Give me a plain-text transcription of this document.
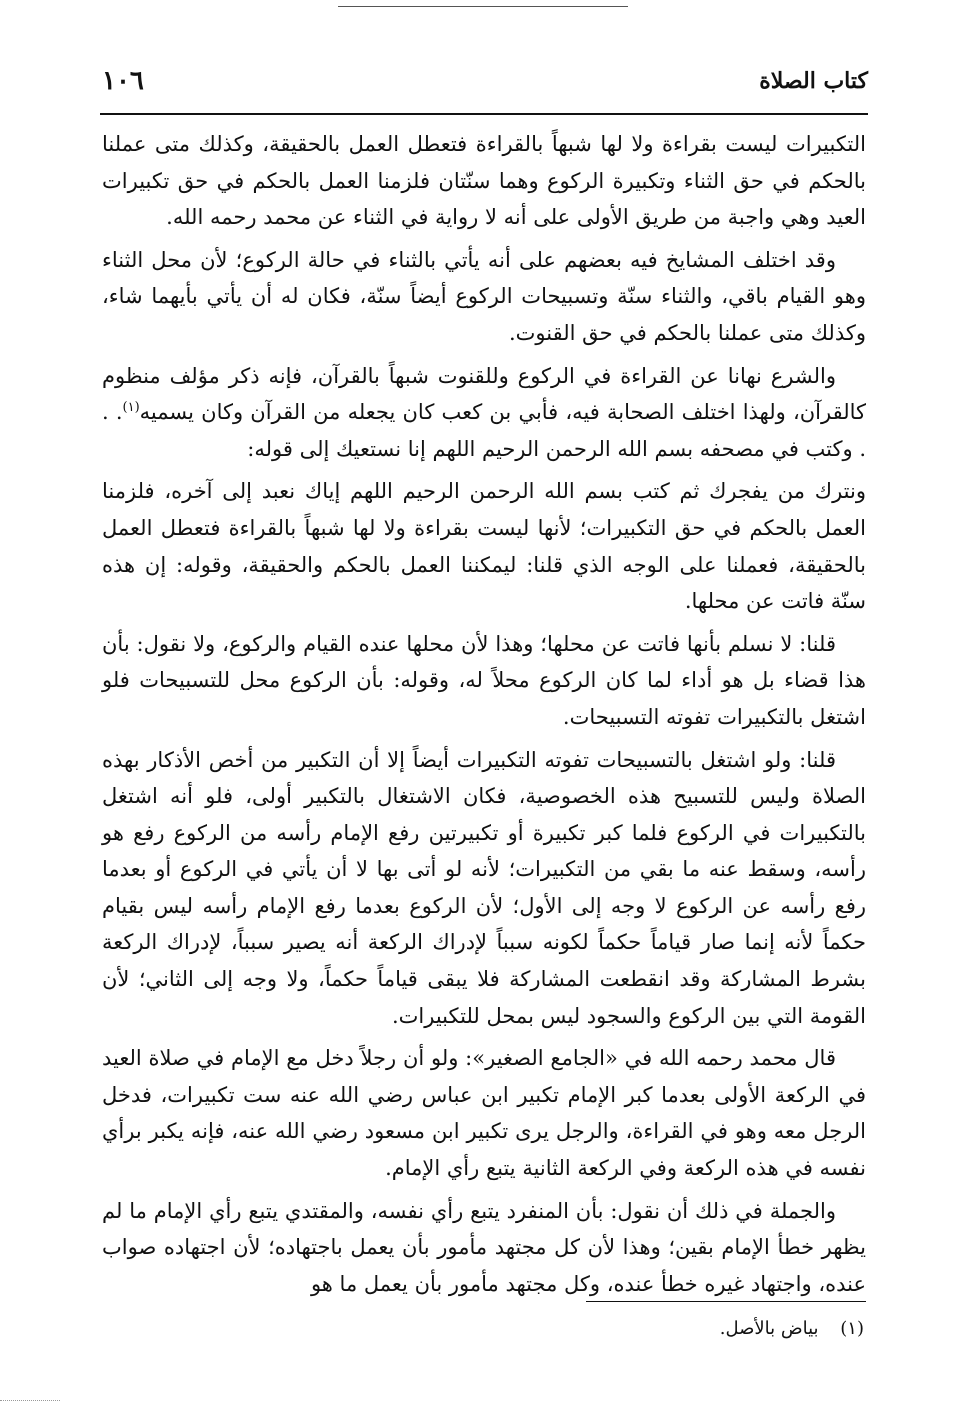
١٠٦	كتاب الصلاة

التكبيرات ليست بقراءة ولا لها شبهاً بالقراءة فتعطل العمل بالحقيقة، وكذلك متى عملنا بالحكم في حق الثناء وتكبيرة الركوع وهما سنّتان فلزمنا العمل بالحكم في حق تكبيرات العيد وهي واجبة من طريق الأولى على أنه لا رواية في الثناء عن محمد رحمه الله.

وقد اختلف المشايخ فيه بعضهم على أنه يأتي بالثناء في حالة الركوع؛ لأن محل الثناء وهو القيام باقي، والثناء سنّة وتسبيحات الركوع أيضاً سنّة، فكان له أن يأتي بأيهما شاء، وكذلك متى عملنا بالحكم في حق القنوت.

والشرع نهانا عن القراءة في الركوع وللقنوت شبهاً بالقرآن، فإنه ذكر مؤلف منظوم كالقرآن، ولهذا اختلف الصحابة فيه، فأبي بن كعب كان يجعله من القرآن وكان يسميه$^{(١)}$. . . وكتب في مصحفه بسم الله الرحمن الرحيم اللهم إنا نستعيك إلى قوله:

ونترك من يفجرك ثم كتب بسم الله الرحمن الرحيم اللهم إياك نعبد إلى آخره، فلزمنا العمل بالحكم في حق التكبيرات؛ لأنها ليست بقراءة ولا لها شبهاً بالقراءة فتعطل العمل بالحقيقة، فعملنا على الوجه الذي قلنا: ليمكننا العمل بالحكم والحقيقة، وقوله: إن هذه سنّة فاتت عن محلها.

قلنا: لا نسلم بأنها فاتت عن محلها؛ وهذا لأن محلها عنده القيام والركوع، ولا نقول: بأن هذا قضاء بل هو أداء لما كان الركوع محلاً له، وقوله: بأن الركوع محل للتسبيحات فلو اشتغل بالتكبيرات تفوته التسبيحات.

قلنا: ولو اشتغل بالتسبيحات تفوته التكبيرات أيضاً إلا أن التكبير من أخص الأذكار بهذه الصلاة وليس للتسبيح هذه الخصوصية، فكان الاشتغال بالتكبير أولى، فلو أنه اشتغل بالتكبيرات في الركوع فلما كبر تكبيرة أو تكبيرتين رفع الإمام رأسه من الركوع رفع هو رأسه، وسقط عنه ما بقي من التكبيرات؛ لأنه لو أتى بها لا أن يأتي في الركوع أو بعدما رفع رأسه عن الركوع لا وجه إلى الأول؛ لأن الركوع بعدما رفع الإمام رأسه ليس بقيام حكماً لأنه إنما صار قياماً حكماً لكونه سبباً لإدراك الركعة أنه يصير سبباً، لإدراك الركعة بشرط المشاركة وقد انقطعت المشاركة فلا يبقى قياماً حكماً، ولا وجه إلى الثاني؛ لأن القومة التي بين الركوع والسجود ليس بمحل للتكبيرات.

قال محمد رحمه الله في «الجامع الصغير»: ولو أن رجلاً دخل مع الإمام في صلاة العيد في الركعة الأولى بعدما كبر الإمام تكبير ابن عباس رضي الله عنه ست تكبيرات، فدخل الرجل معه وهو في القراءة، والرجل يرى تكبير ابن مسعود رضي الله عنه، فإنه يكبر برأي نفسه في هذه الركعة وفي الركعة الثانية يتبع رأي الإمام.

والجملة في ذلك أن نقول: بأن المنفرد يتبع رأي نفسه، والمقتدي يتبع رأي الإمام ما لم يظهر خطأ الإمام بقين؛ وهذا لأن كل مجتهد مأمور بأن يعمل باجتهاده؛ لأن اجتهاده صواب عنده، واجتهاد غيره خطأ عنده، وكل مجتهد مأمور بأن يعمل ما هو

(١) بياض بالأصل.
